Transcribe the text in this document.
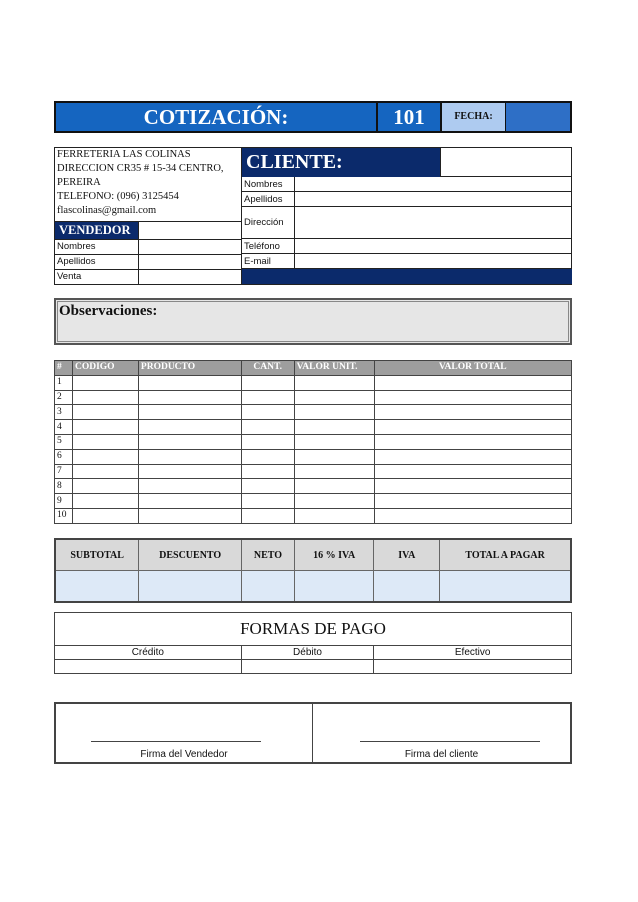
COTIZACIÓN:	101	FECHA:
FERRETERIA LAS COLINAS
DIRECCION CR35 # 15-34 CENTRO,
PEREIRA
TELEFONO: (096) 3125454
flascolinas@gmail.com
CLIENTE:
Nombres
Apellidos
Dirección
Teléfono
E-mail
VENDEDOR
Nombres
Apellidos
Venta
Observaciones:
#	CODIGO	PRODUCTO	CANT.	VALOR UNIT.	VALOR TOTAL
1					
2					
3					
4					
5					
6					
7					
8					
9					
10					
SUBTOTAL	DESCUENTO	NETO	16 % IVA	IVA	TOTAL A PAGAR

FORMAS DE PAGO		
Crédito	Débito	Efectivo

Firma del Vendedor	Firma del cliente
